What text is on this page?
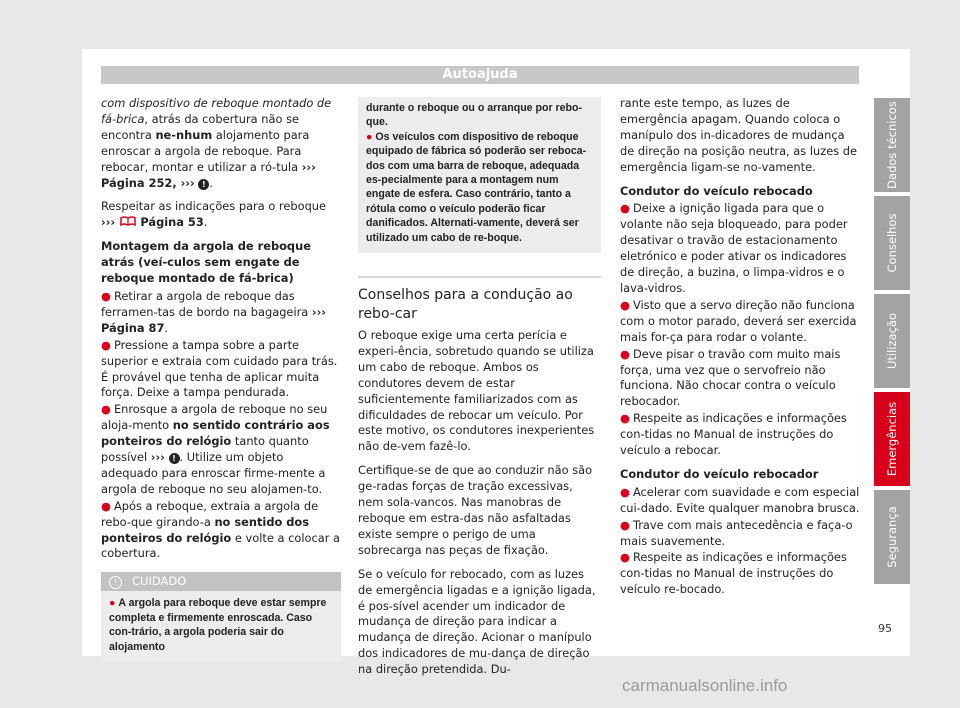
Autoajuda

com dispositivo de reboque montado de fá-brica, atrás da cobertura não se encontra ne-nhum alojamento para enroscar a argola de reboque. Para rebocar, montar e utilizar a ró-tula ››› Página 252, ››› ! .

Respeitar as indicações para o reboque
››› Página 53.

Montagem da argola de reboque atrás (veí-culos sem engate de reboque montado de fá-brica)

● Retirar a argola de reboque das ferramen-tas de bordo na bagageira ››› Página 87.

● Pressione a tampa sobre a parte superior e extraia com cuidado para trás. É provável que tenha de aplicar muita força. Deixe a tampa pendurada.

● Enrosque a argola de reboque no seu aloja-mento no sentido contrário aos ponteiros do relógio tanto quanto possível ››› ! . Utilize um objeto adequado para enroscar firme-mente a argola de reboque no seu alojamen-to.

● Após a reboque, extraia a argola de rebo-que girando-a no sentido dos ponteiros do relógio e volte a colocar a cobertura.

! CUIDADO
● A argola para reboque deve estar sempre completa e firmemente enroscada. Caso con-trário, a argola poderia sair do alojamento

durante o reboque ou o arranque por rebo-que.

● Os veículos com dispositivo de reboque equipado de fábrica só poderão ser reboca-dos com uma barra de reboque, adequada es-pecialmente para a montagem num engate de esfera. Caso contrário, tanto a rótula como o veículo poderão ficar danificados. Alternati-vamente, deverá ser utilizado um cabo de re-boque.

Conselhos para a condução ao rebo-car

O reboque exige uma certa perícia e experi-ência, sobretudo quando se utiliza um cabo de reboque. Ambos os condutores devem de estar suficientemente familiarizados com as dificuldades de rebocar um veículo. Por este motivo, os condutores inexperientes não de-vem fazê-lo.

Certifique-se de que ao conduzir não são ge-radas forças de tração excessivas, nem sola-vancos. Nas manobras de reboque em estra-das não asfaltadas existe sempre o perigo de uma sobrecarga nas peças de fixação.

Se o veículo for rebocado, com as luzes de emergência ligadas e a ignição ligada, é pos-sível acender um indicador de mudança de direção para indicar a mudança de direção. Acionar o manípulo dos indicadores de mu-dança de direção na direção pretendida. Du-

rante este tempo, as luzes de emergência apagam. Quando coloca o manípulo dos in-dicadores de mudança de direção na posição neutra, as luzes de emergência ligam-se no-vamente.

Condutor do veículo rebocado

● Deixe a ignição ligada para que o volante não seja bloqueado, para poder desativar o travão de estacionamento eletrónico e poder ativar os indicadores de direção, a buzina, o limpa-vidros e o lava-vidros.

● Visto que a servo direção não funciona com o motor parado, deverá ser exercida mais for-ça para rodar o volante.

● Deve pisar o travão com muito mais força, uma vez que o servofreio não funciona. Não chocar contra o veículo rebocador.

● Respeite as indicações e informações con-tidas no Manual de instruções do veículo a rebocar.

Condutor do veículo rebocador

● Acelerar com suavidade e com especial cui-dado. Evite qualquer manobra brusca.

● Trave com mais antecedência e faça-o mais suavemente.

● Respeite as indicações e informações con-tidas no Manual de instruções do veículo re-bocado.

Dados técnicos
Conselhos
Utilização
Emergências
Segurança
95
carmanualsonline.info
